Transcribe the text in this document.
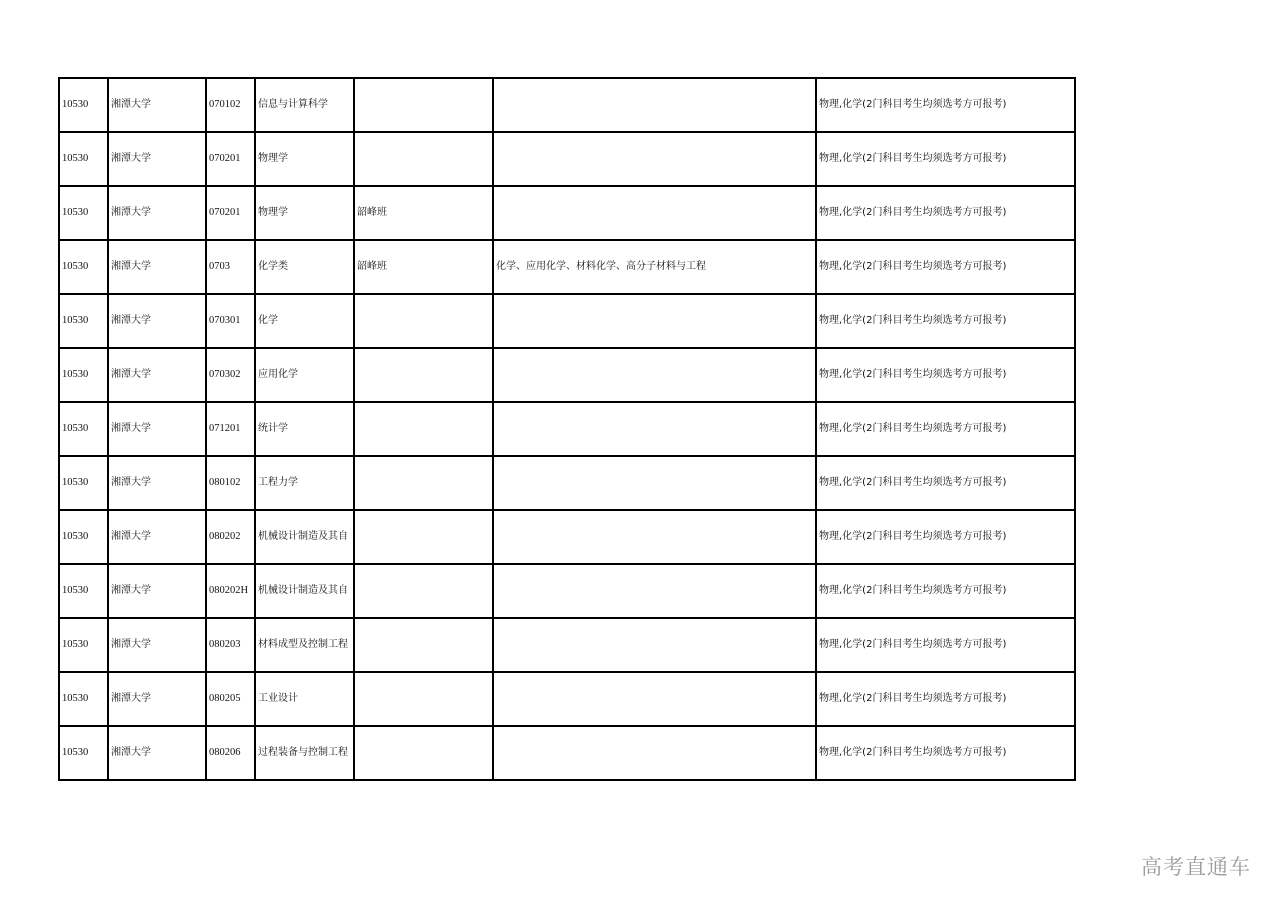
10530	湘潭大学	070102	信息与计算科学			物理,化学(2门科目考生均须选考方可报考)
10530	湘潭大学	070201	物理学			物理,化学(2门科目考生均须选考方可报考)
10530	湘潭大学	070201	物理学	韶峰班		物理,化学(2门科目考生均须选考方可报考)
10530	湘潭大学	0703	化学类	韶峰班	化学、应用化学、材料化学、高分子材料与工程	物理,化学(2门科目考生均须选考方可报考)
10530	湘潭大学	070301	化学			物理,化学(2门科目考生均须选考方可报考)
10530	湘潭大学	070302	应用化学			物理,化学(2门科目考生均须选考方可报考)
10530	湘潭大学	071201	统计学			物理,化学(2门科目考生均须选考方可报考)
10530	湘潭大学	080102	工程力学			物理,化学(2门科目考生均须选考方可报考)
10530	湘潭大学	080202	机械设计制造及其自			物理,化学(2门科目考生均须选考方可报考)
10530	湘潭大学	080202H	机械设计制造及其自			物理,化学(2门科目考生均须选考方可报考)
10530	湘潭大学	080203	材料成型及控制工程			物理,化学(2门科目考生均须选考方可报考)
10530	湘潭大学	080205	工业设计			物理,化学(2门科目考生均须选考方可报考)
10530	湘潭大学	080206	过程装备与控制工程			物理,化学(2门科目考生均须选考方可报考)
高考直通车
